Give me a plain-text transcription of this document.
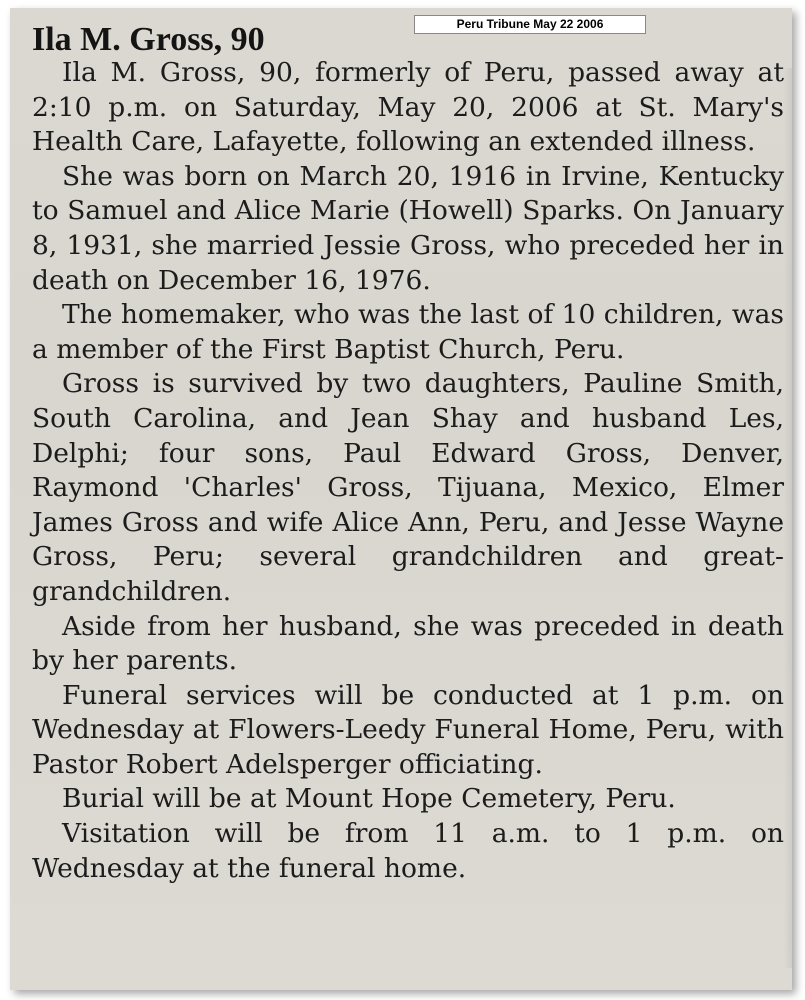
Peru Tribune May 22 2006
Ila M. Gross, 90

Ila M. Gross, 90, formerly of Peru, passed away at 2:10 p.m. on Saturday, May 20, 2006 at St. Mary's Health Care, Lafayette, following an extended illness.

She was born on March 20, 1916 in Irvine, Kentucky to Samuel and Alice Marie (Howell) Sparks. On January 8, 1931, she married Jessie Gross, who preceded her in death on December 16, 1976.

The homemaker, who was the last of 10 children, was a member of the First Baptist Church, Peru.

Gross is survived by two daughters, Pauline Smith, South Carolina, and Jean Shay and husband Les, Delphi; four sons, Paul Edward Gross, Denver, Raymond 'Charles' Gross, Tijuana, Mexico, Elmer James Gross and wife Alice Ann, Peru, and Jesse Wayne Gross, Peru; several grandchildren and great-grandchildren.

Aside from her husband, she was preceded in death by her parents.

Funeral services will be conducted at 1 p.m. on Wednesday at Flowers-Leedy Funeral Home, Peru, with Pastor Robert Adelsperger officiating.

Burial will be at Mount Hope Cemetery, Peru.

Visitation will be from 11 a.m. to 1 p.m. on Wednesday at the funeral home.
